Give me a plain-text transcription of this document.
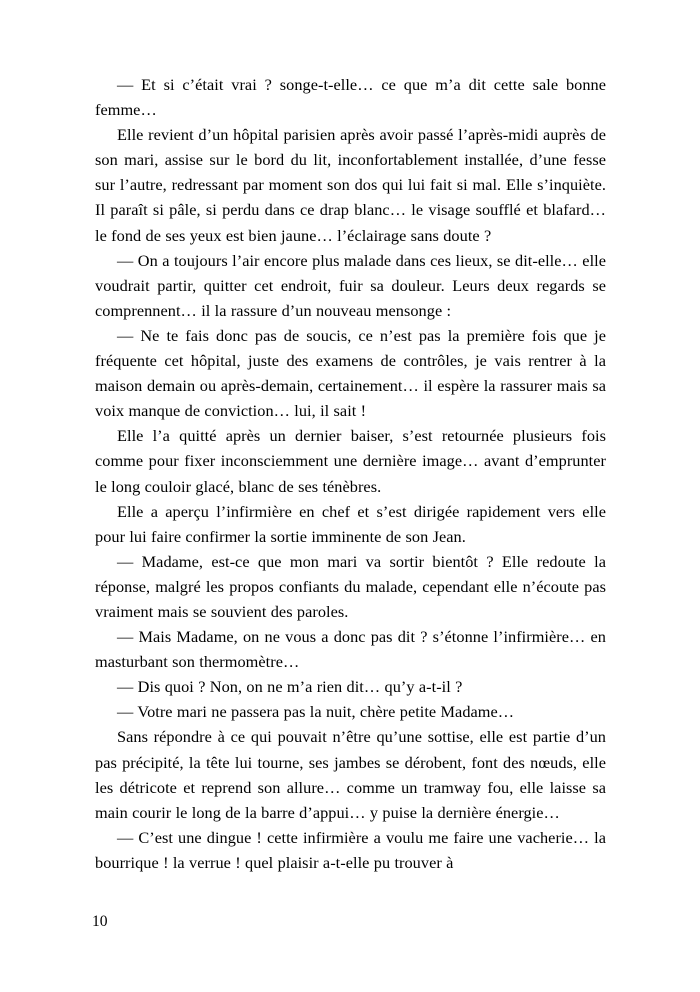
— Et si c’était vrai ? songe-t-elle… ce que m’a dit cette sale bonne femme…

Elle revient d’un hôpital parisien après avoir passé l’après-midi auprès de son mari, assise sur le bord du lit, inconfortablement installée, d’une fesse sur l’autre, redressant par moment son dos qui lui fait si mal. Elle s’inquiète. Il paraît si pâle, si perdu dans ce drap blanc… le visage soufflé et blafard… le fond de ses yeux est bien jaune… l’éclairage sans doute ?

— On a toujours l’air encore plus malade dans ces lieux, se dit-elle… elle voudrait partir, quitter cet endroit, fuir sa douleur. Leurs deux regards se comprennent… il la rassure d’un nouveau mensonge :

— Ne te fais donc pas de soucis, ce n’est pas la première fois que je fréquente cet hôpital, juste des examens de contrôles, je vais rentrer à la maison demain ou après-demain, certainement… il espère la rassurer mais sa voix manque de conviction… lui, il sait !

Elle l’a quitté après un dernier baiser, s’est retournée plusieurs fois comme pour fixer inconsciemment une dernière image… avant d’emprunter le long couloir glacé, blanc de ses ténèbres.

Elle a aperçu l’infirmière en chef et s’est dirigée rapidement vers elle pour lui faire confirmer la sortie imminente de son Jean.

— Madame, est-ce que mon mari va sortir bientôt ? Elle redoute la réponse, malgré les propos confiants du malade, cependant elle n’écoute pas vraiment mais se souvient des paroles.

— Mais Madame, on ne vous a donc pas dit ? s’étonne l’infirmière… en masturbant son thermomètre…

— Dis quoi ? Non, on ne m’a rien dit… qu’y a-t-il ?

— Votre mari ne passera pas la nuit, chère petite Madame…

Sans répondre à ce qui pouvait n’être qu’une sottise, elle est partie d’un pas précipité, la tête lui tourne, ses jambes se dérobent, font des nœuds, elle les détricote et reprend son allure… comme un tramway fou, elle laisse sa main courir le long de la barre d’appui… y puise la dernière énergie…

— C’est une dingue ! cette infirmière a voulu me faire une vacherie… la bourrique ! la verrue ! quel plaisir a-t-elle pu trouver à

10
